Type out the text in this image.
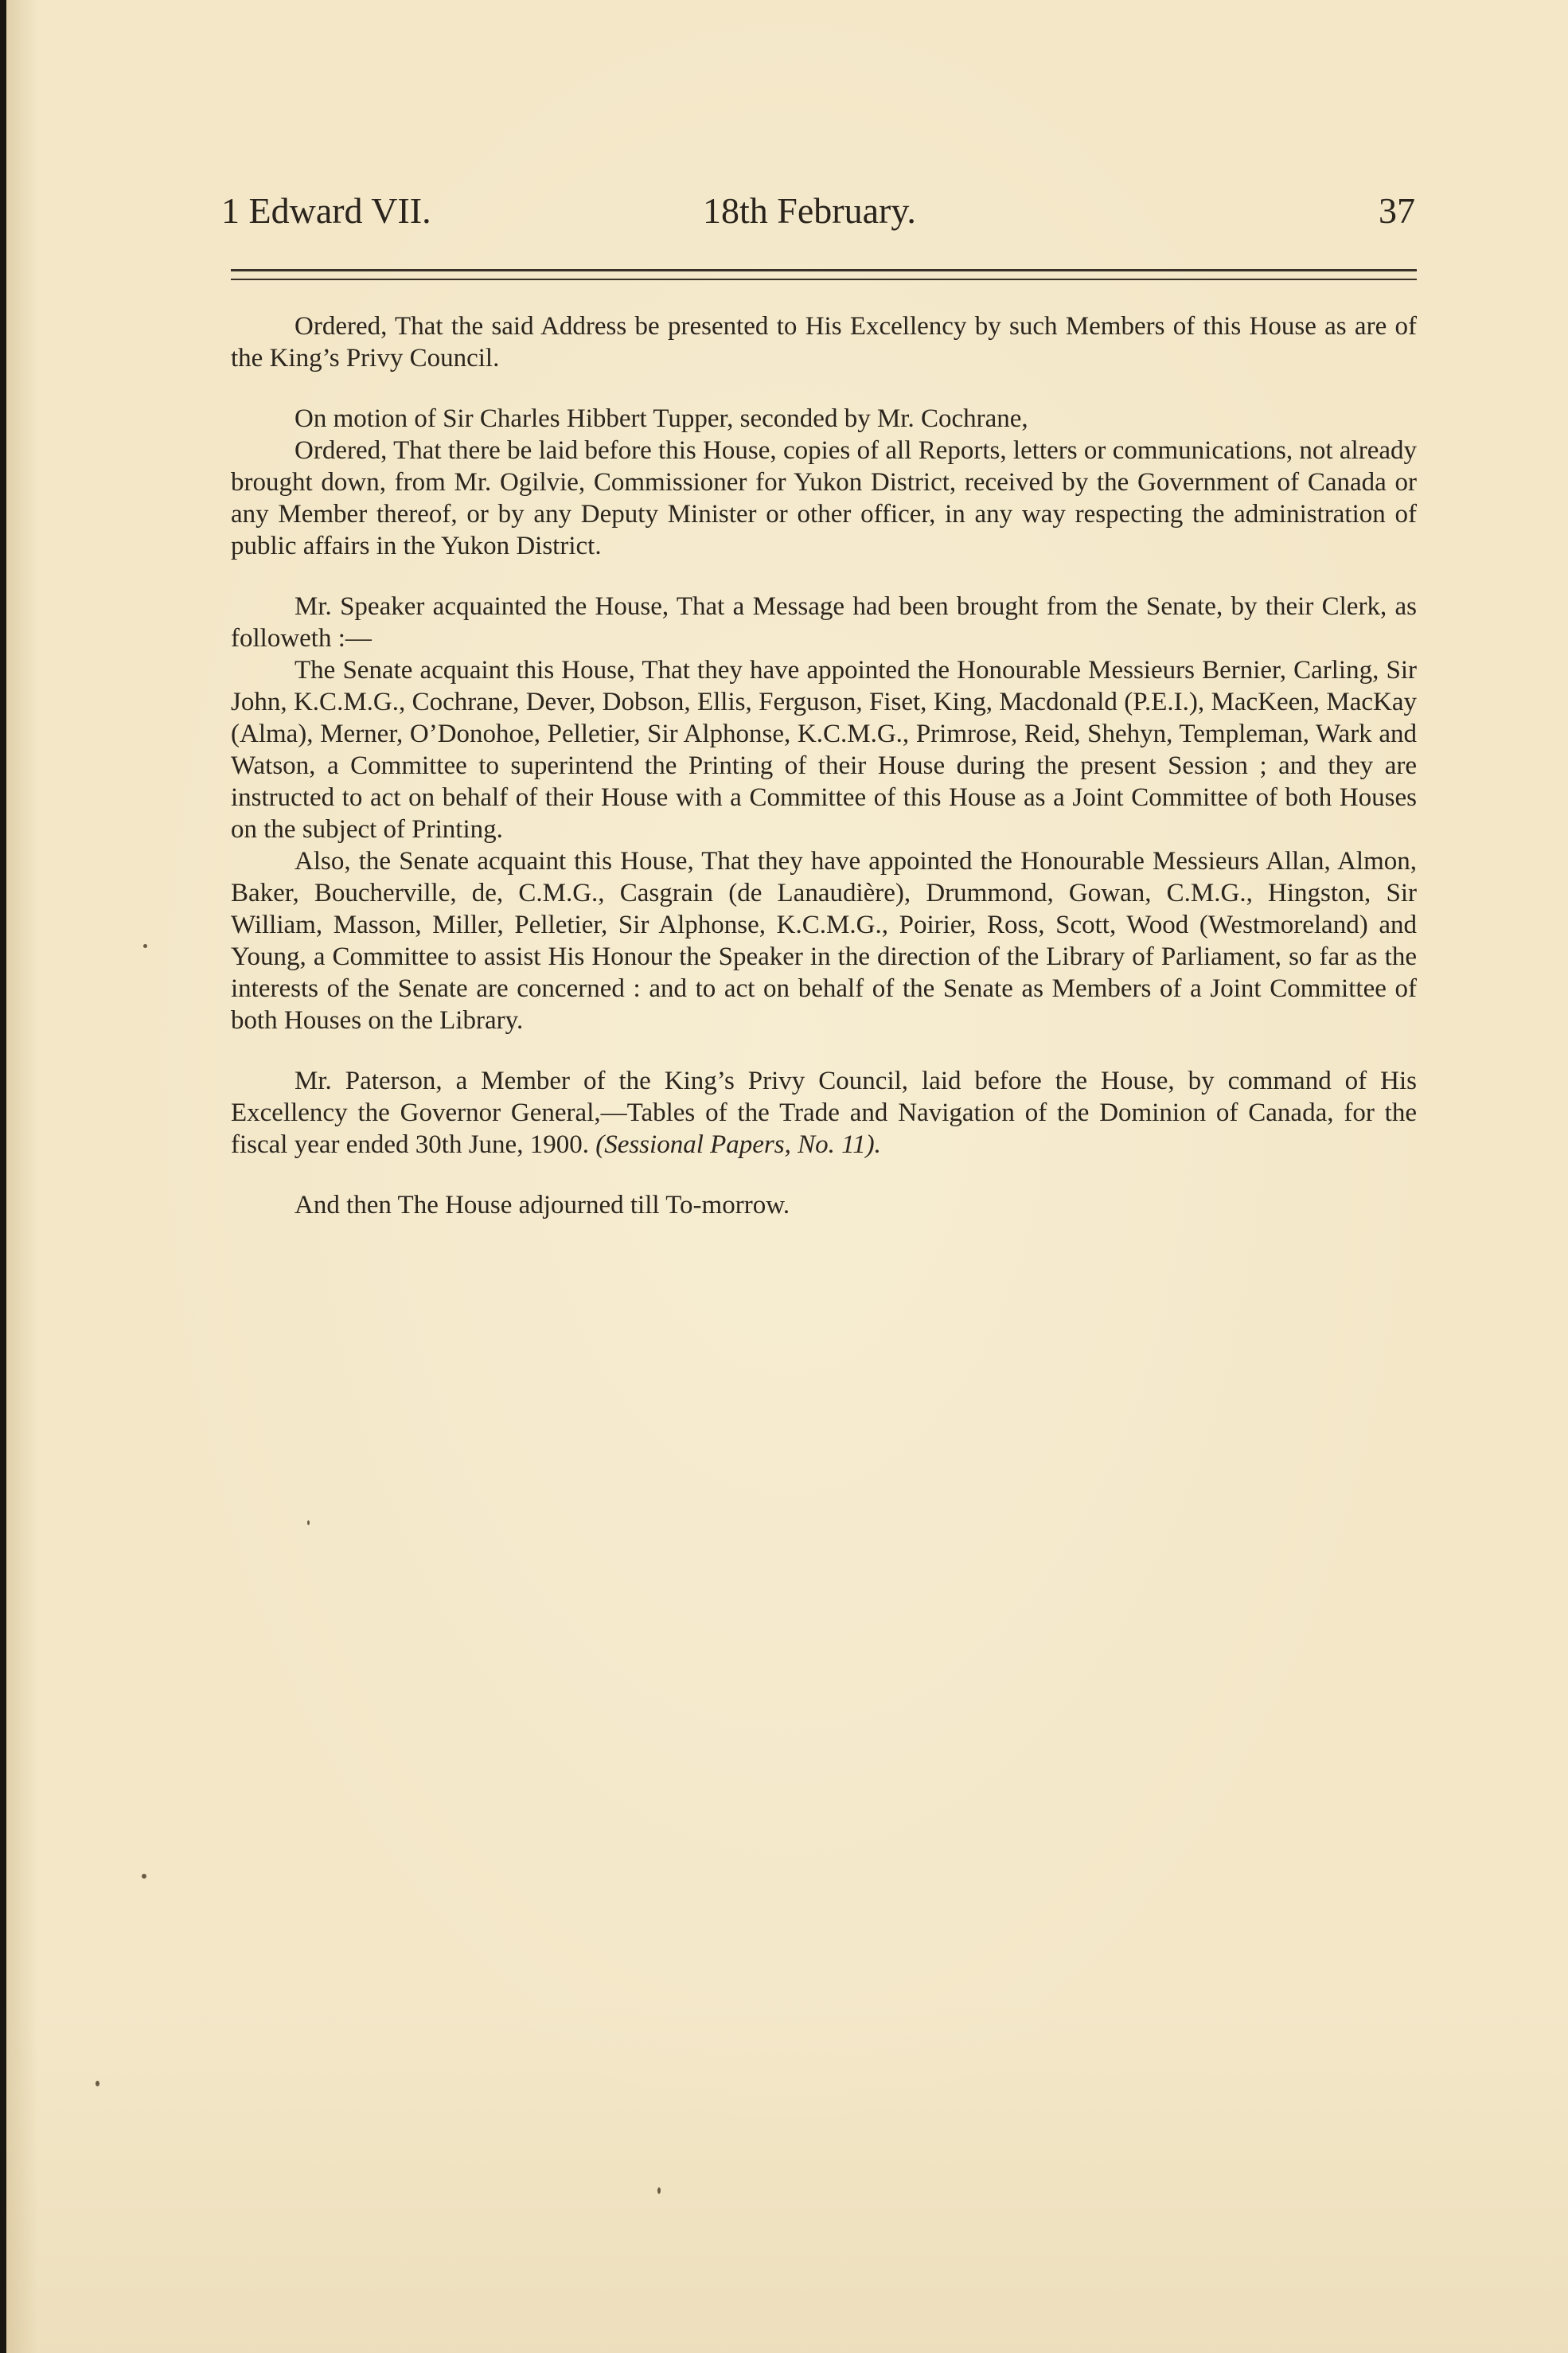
1 Edward VII.	18th February.	37

Ordered, That the said Address be presented to His Excellency by such Members of this House as are of the King’s Privy Council.

On motion of Sir Charles Hibbert Tupper, seconded by Mr. Cochrane,

Ordered, That there be laid before this House, copies of all Reports, letters or communications, not already brought down, from Mr. Ogilvie, Commissioner for Yukon District, received by the Government of Canada or any Member thereof, or by any Deputy Minister or other officer, in any way respecting the administration of public affairs in the Yukon District.

Mr. Speaker acquainted the House, That a Message had been brought from the Senate, by their Clerk, as followeth :—

The Senate acquaint this House, That they have appointed the Honourable Messieurs Bernier, Carling, Sir John, K.C.M.G., Cochrane, Dever, Dobson, Ellis, Ferguson, Fiset, King, Macdonald (P.E.I.), MacKeen, MacKay (Alma), Merner, O’Donohoe, Pelletier, Sir Alphonse, K.C.M.G., Primrose, Reid, Shehyn, Templeman, Wark and Watson, a Committee to superintend the Printing of their House during the present Session ; and they are instructed to act on behalf of their House with a Committee of this House as a Joint Committee of both Houses on the subject of Printing.

Also, the Senate acquaint this House, That they have appointed the Honourable Messieurs Allan, Almon, Baker, Boucherville, de, C.M.G., Casgrain (de Lanaudière), Drummond, Gowan, C.M.G., Hingston, Sir William, Masson, Miller, Pelletier, Sir Alphonse, K.C.M.G., Poirier, Ross, Scott, Wood (Westmoreland) and Young, a Committee to assist His Honour the Speaker in the direction of the Library of Parliament, so far as the interests of the Senate are concerned : and to act on behalf of the Senate as Members of a Joint Committee of both Houses on the Library.

Mr. Paterson, a Member of the King’s Privy Council, laid before the House, by command of His Excellency the Governor General,—Tables of the Trade and Navigation of the Dominion of Canada, for the fiscal year ended 30th June, 1900. (Sessional Papers, No. 11).

And then The House adjourned till To-morrow.
